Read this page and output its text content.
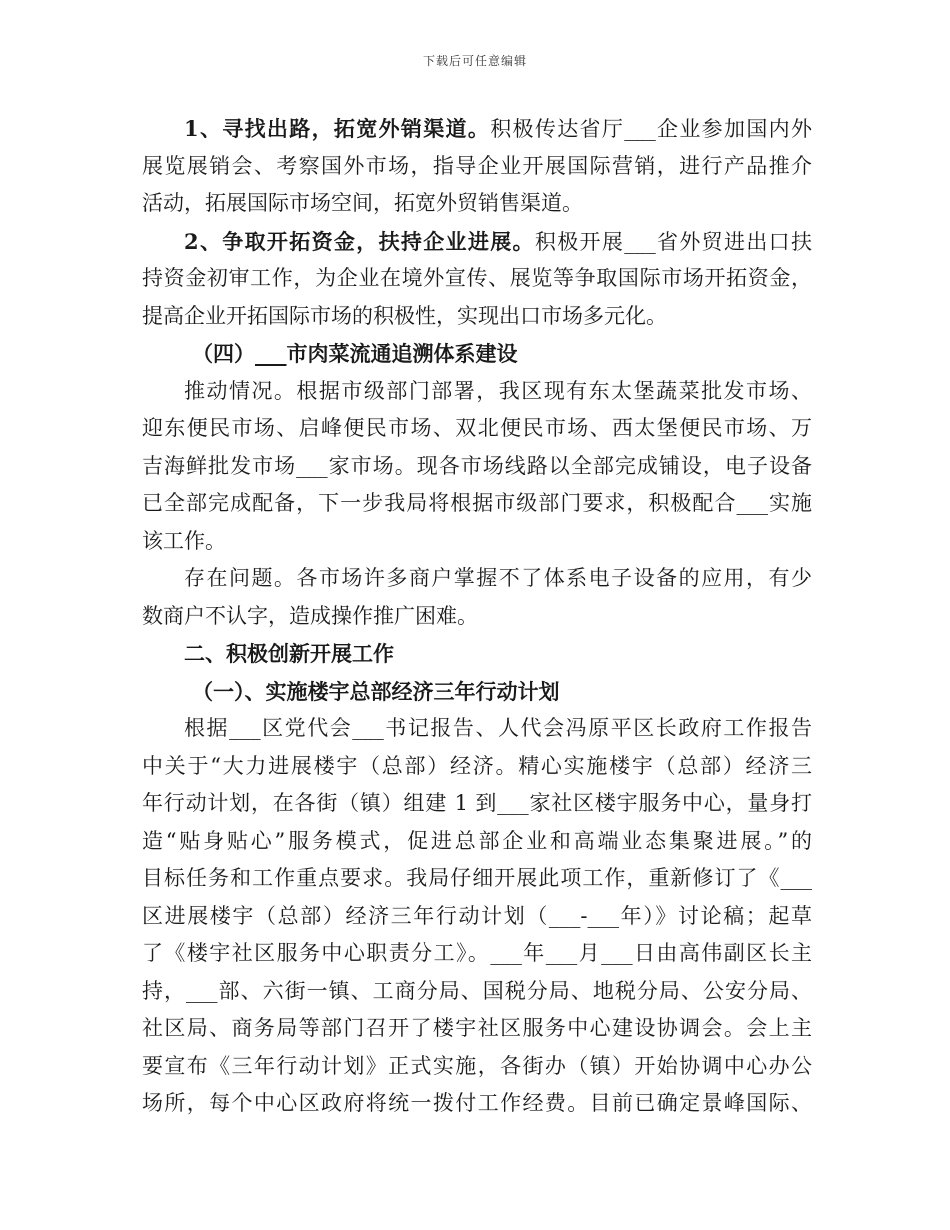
下载后可任意编辑
1、寻找出路，拓宽外销渠道。积极传达省厅___企业参加国内外
展览展销会、考察国外市场，指导企业开展国际营销，进行产品推介
活动，拓展国际市场空间，拓宽外贸销售渠道。
2、争取开拓资金，扶持企业进展。积极开展___省外贸进出口扶
持资金初审工作，为企业在境外宣传、展览等争取国际市场开拓资金，
提高企业开拓国际市场的积极性，实现出口市场多元化。
（四）___市肉菜流通追溯体系建设
推动情况。根据市级部门部署，我区现有东太堡蔬菜批发市场、
迎东便民市场、启峰便民市场、双北便民市场、西太堡便民市场、万
吉海鲜批发市场___家市场。现各市场线路以全部完成铺设，电子设备
已全部完成配备，下一步我局将根据市级部门要求，积极配合___实施
该工作。
存在问题。各市场许多商户掌握不了体系电子设备的应用，有少
数商户不认字，造成操作推广困难。
二、积极创新开展工作
（一）、实施楼宇总部经济三年行动计划
根据___区党代会___书记报告、人代会冯原平区长政府工作报告
中关于“大力进展楼宇（总部）经济。精心实施楼宇（总部）经济三
年行动计划，在各街（镇）组建 1 到___家社区楼宇服务中心，量身打
造“贴身贴心”服务模式，促进总部企业和高端业态集聚进展。”的
目标任务和工作重点要求。我局仔细开展此项工作，重新修订了《___
区进展楼宇（总部）经济三年行动计划（___-___年）》讨论稿；起草
了《楼宇社区服务中心职责分工》。___年___月___日由高伟副区长主
持，___部、六街一镇、工商分局、国税分局、地税分局、公安分局、
社区局、商务局等部门召开了楼宇社区服务中心建设协调会。会上主
要宣布《三年行动计划》正式实施，各街办（镇）开始协调中心办公
场所，每个中心区政府将统一拨付工作经费。目前已确定景峰国际、
